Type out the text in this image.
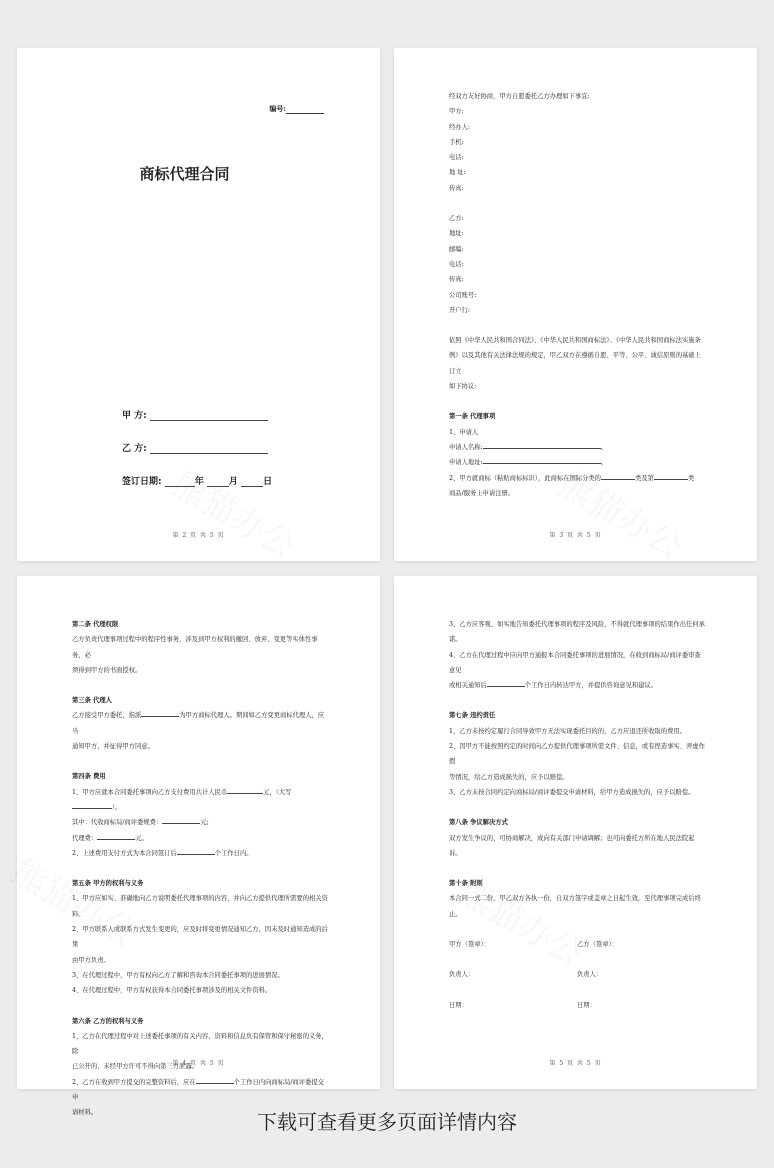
编号:
商标代理合同
甲 方:
乙 方:
签订日期:	年	月	日
第 2 页 共 5 页

经双方友好协商，甲方自愿委托乙方办理如下事宜:

甲方:

经办人:

手机:

电话:

地 址:

传真:

乙方:

地址:

邮编:

电话:

传真:

公司账号:

开户行:

依照《中华人民共和国合同法》、《中华人民共和国商标法》、《中华人民共和国商标法实施条

例》以及其他有关法律法规的规定，甲乙双方在遵循自愿、平等、公平、诚信原则的基础上订立

如下协议:

第一条 代理事项

1、申请人

申请人名称:	。

申请人地址:	。

2、甲方就商标（粘贴商标标识），此商标在国际分类的	类及第	类

商品/服务上申请注册。

第 3 页 共 5 页

第二条 代理权限

乙方负责代理事项过程中的程序性事务，涉及到甲方权利的撤回、放弃、变更等实体性事务，必

须得到甲方的书面授权。

第三条 代理人

乙方接受甲方委托，指派	为甲方商标代理人。期间如乙方变更商标代理人，应当

通知甲方，并征得甲方同意。

第四条 费用

1、甲方应就本合同委托事项向乙方支付费用共计人民币	元，（大写

）。

其中：代收商标局/商评委规费：	元;

代理费：	元。

2、上述费用支付方式为本合同签订后	个工作日内。

第五条 甲方的权利与义务

1、甲方应如实、准确地向乙方说明委托代理事项的内容，并向乙方提供代理所需要的相关资料。

2、甲方联系人或联系方式发生变更的，应及时将变更情况通知乙方，因未及时通知造成的后果

由甲方负责。

3、在代理过程中，甲方有权向乙方了解和咨询本合同委托事项的进展情况。

4、在代理过程中，甲方有权获得本合同委托事项涉及的相关文件资料。

第六条 乙方的权利与义务

1、乙方在代理过程中对上述委托事项的有关内容、资料和信息负有保管和保守秘密的义务，除

已公开的，未经甲方许可不得向第三方泄露。

2、乙方在收到甲方提交的完整资料后，应在	个工作日内向商标局/商评委提交申

请材料。

第 4 页 共 5 页

3、乙方应客观、如实地告知委托代理事项的程序及风险，不得就代理事项的结果作出任何承诺。

4、乙方在代理过程中应向甲方通报本合同委托事项的进展情况，在收到商标局/商评委审查意见

或相关通知后	个工作日内转达甲方，并提供咨询意见和建议。

第七条 违约责任

1、乙方未按约定履行合同导致甲方无法实现委托目的的，乙方应退还所收取的费用。

2、因甲方不能按照约定的时间向乙方提供代理事项所需文件、信息，或有捏造事实、弄虚作假

等情况，给乙方造成损失的，应予以赔偿。

3、乙方未按合同约定向商标局/商评委提交申请材料，给甲方造成损失的，应予以赔偿。

第八条 争议解决方式

双方发生争议的，可协商解决，或向有关部门申请调解；也可向委托方所在地人民法院起诉。

第十条 附则

本合同一式二份，甲乙双方各执一份，自双方签字或盖章之日起生效，至代理事项完成后终止。

甲方（签章）：	乙方（签章）：

负责人：	负责人：

日期：	日期：

第 5 页 共 5 页
下载可查看更多页面详情内容
